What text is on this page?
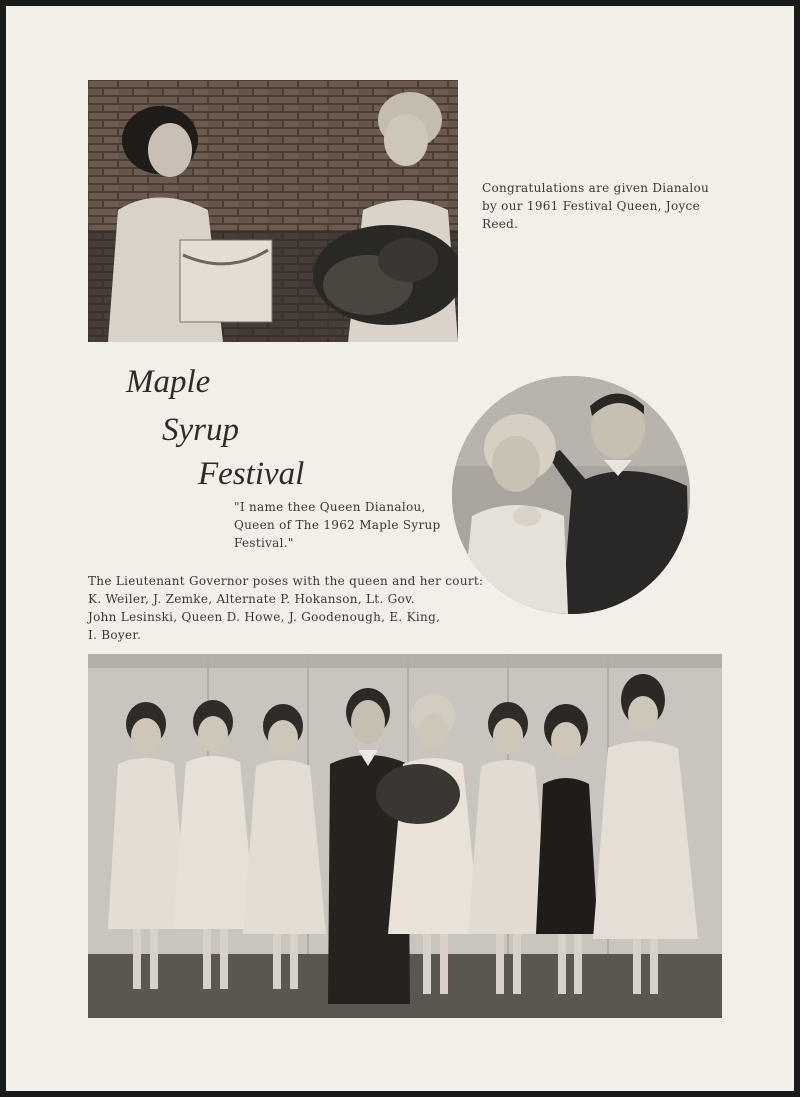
Congratulations are given Dianalou by our 1961 Festival Queen, Joyce Reed.
Maple
Syrup
Festival
"I name thee Queen Dianalou,
Queen of The 1962 Maple Syrup
Festival."
The Lieutenant Governor poses with the queen and her court:
K. Weiler, J. Zemke, Alternate P. Hokanson, Lt. Gov.
John Lesinski, Queen D. Howe, J. Goodenough, E. King,
I. Boyer.
